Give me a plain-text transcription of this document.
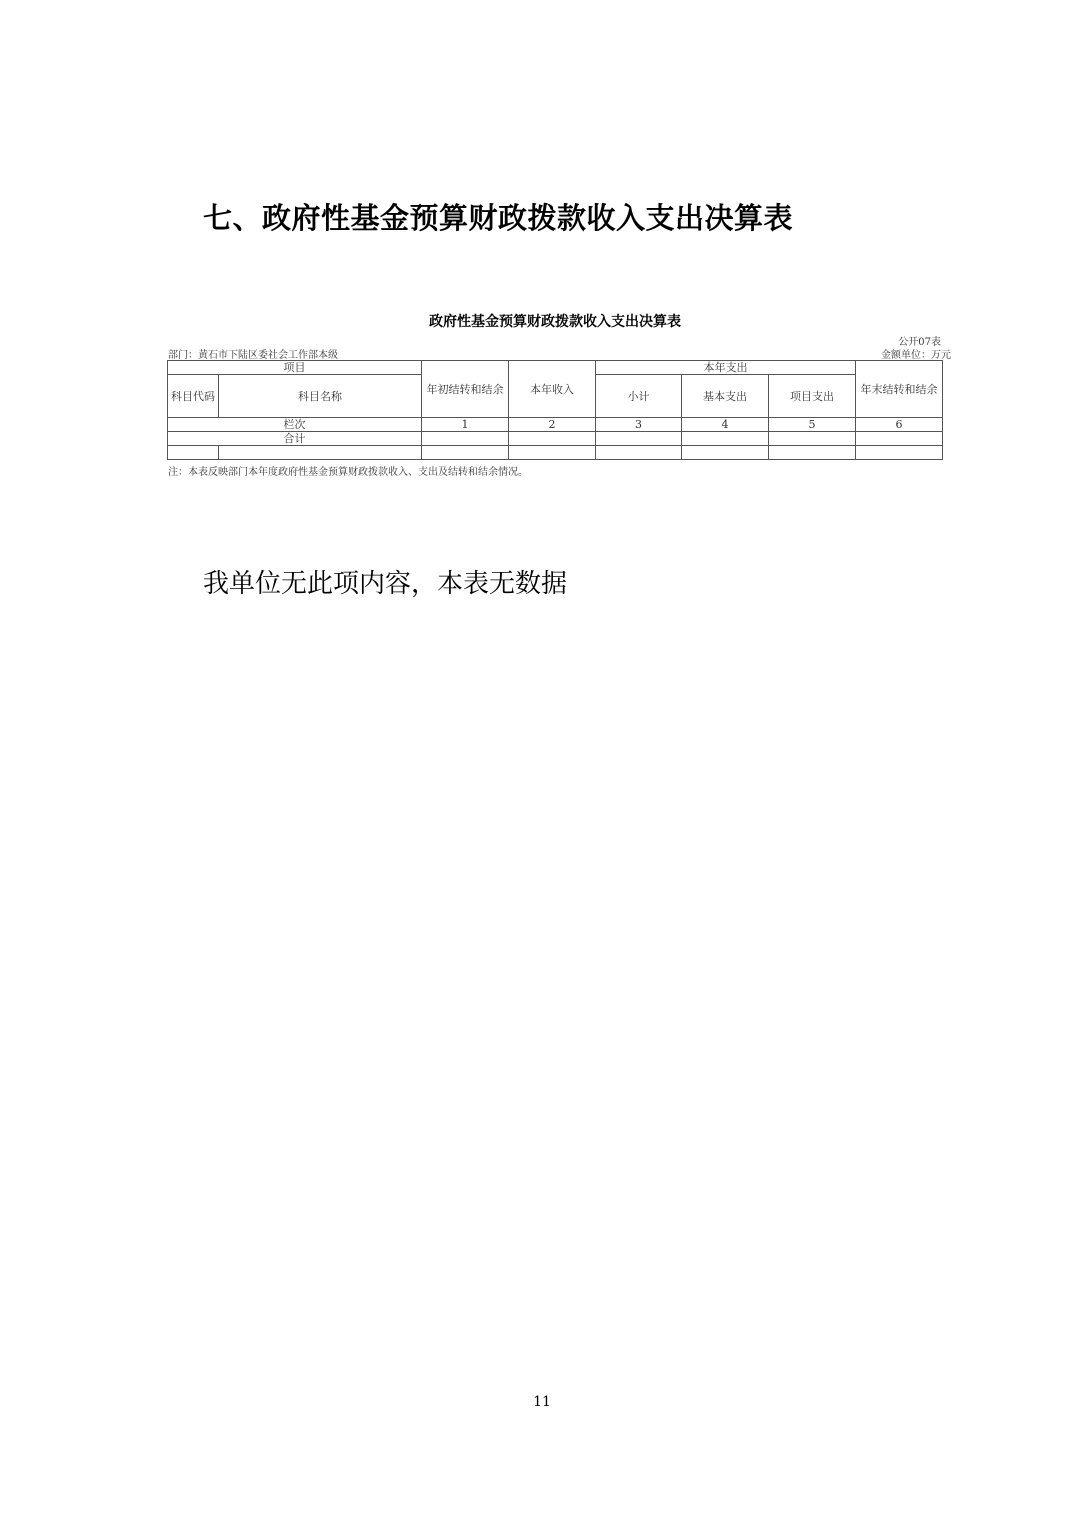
七、政府性基金预算财政拨款收入支出决算表
政府性基金预算财政拨款收入支出决算表
公开07表
部门：黄石市下陆区委社会工作部本级	金额单位：万元
项目		年初结转和结余	本年收入	本年支出			年末结转和结余
科目代码	科目名称			小计	基本支出	项目支出	
栏次		1	2	3	4	5	6
合计							

注：本表反映部门本年度政府性基金预算财政拨款收入、支出及结转和结余情况。
我单位无此项内容，本表无数据
11
